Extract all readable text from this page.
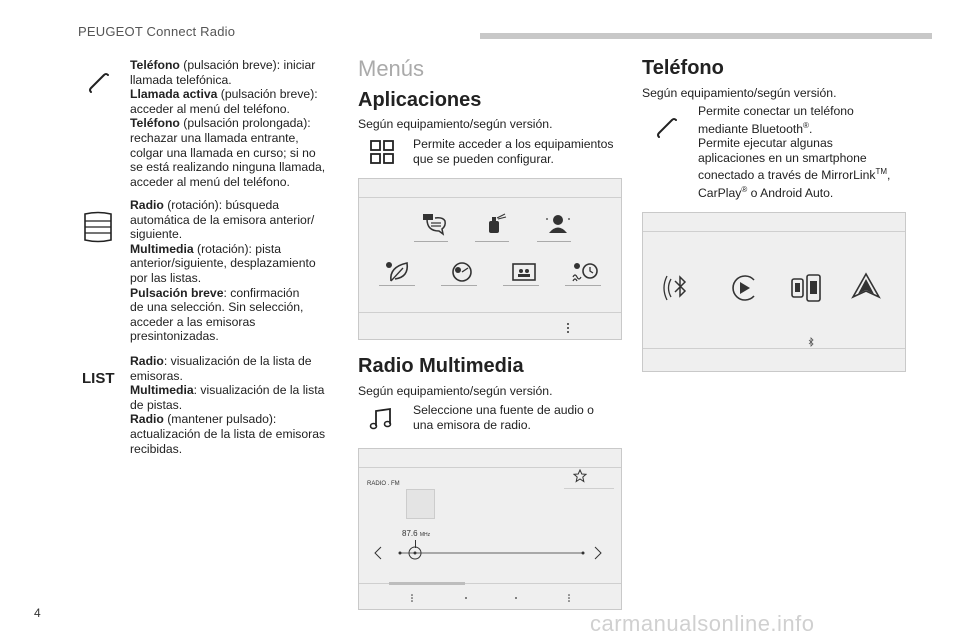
PEUGEOT Connect Radio
Teléfono (pulsación breve): iniciar
llamada telefónica.
Llamada activa (pulsación breve):
acceder al menú del teléfono.
Teléfono (pulsación prolongada):
rechazar una llamada entrante,
colgar una llamada en curso; si no
se está realizando ninguna llamada,
acceder al menú del teléfono.
Radio (rotación): búsqueda
automática de la emisora anterior/
siguiente.
Multimedia (rotación): pista
anterior/siguiente, desplazamiento
por las listas.
Pulsación breve: confirmación
de una selección. Sin selección,
acceder a las emisoras
presintonizadas.
LIST
Radio: visualización de la lista de
emisoras.
Multimedia: visualización de la lista
de pistas.
Radio (mantener pulsado):
actualización de la lista de emisoras
recibidas.
Menús
Aplicaciones
Según equipamiento/según versión.
Permite acceder a los equipamientos
que se pueden configurar.
Radio Multimedia
Según equipamiento/según versión.
Seleccione una fuente de audio o
una emisora de radio.
RADIO . FM
87.6 MHz
Teléfono
Según equipamiento/según versión.
Permite conectar un teléfono
mediante Bluetooth®.
Permite ejecutar algunas
aplicaciones en un smartphone
conectado a través de MirrorLink™,
CarPlay® o Android Auto.
4	carmanualsonline.info
